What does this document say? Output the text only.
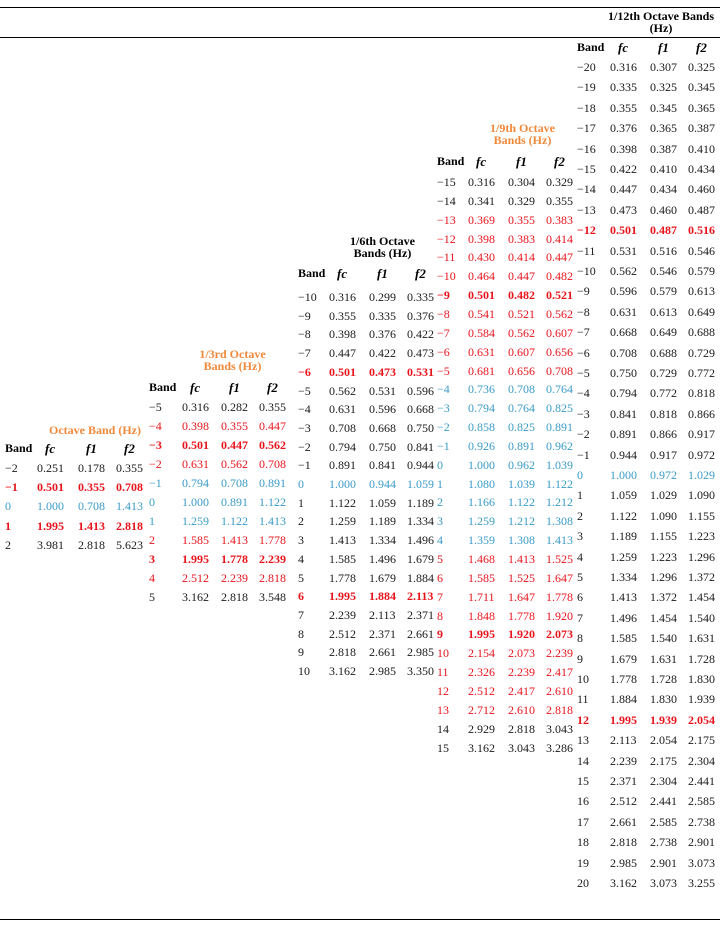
Octave Band (Hz)
Band fc f1 f2
−2 0.251 0.178 0.355
−1 0.501 0.355 0.708
0 1.000 0.708 1.413
1 1.995 1.413 2.818
2 3.981 2.818 5.623
1/3rd Octave
Bands (Hz)
Band fc f1 f2
−5 0.316 0.282 0.355
−4 0.398 0.355 0.447
−3 0.501 0.447 0.562
−2 0.631 0.562 0.708
−1 0.794 0.708 0.891
0 1.000 0.891 1.122
1 1.259 1.122 1.413
2 1.585 1.413 1.778
3 1.995 1.778 2.239
4 2.512 2.239 2.818
5 3.162 2.818 3.548
1/6th Octave
Bands (Hz)
Band fc f1 f2
−10 0.316 0.299 0.335
−9 0.355 0.335 0.376
−8 0.398 0.376 0.422
−7 0.447 0.422 0.473
−6 0.501 0.473 0.531
−5 0.562 0.531 0.596
−4 0.631 0.596 0.668
−3 0.708 0.668 0.750
−2 0.794 0.750 0.841
−1 0.891 0.841 0.944
0 1.000 0.944 1.059
1 1.122 1.059 1.189
2 1.259 1.189 1.334
3 1.413 1.334 1.496
4 1.585 1.496 1.679
5 1.778 1.679 1.884
6 1.995 1.884 2.113
7 2.239 2.113 2.371
8 2.512 2.371 2.661
9 2.818 2.661 2.985
10 3.162 2.985 3.350
1/9th Octave
Bands (Hz)
Band fc f1 f2
−15 0.316 0.304 0.329
−14 0.341 0.329 0.355
−13 0.369 0.355 0.383
−12 0.398 0.383 0.414
−11 0.430 0.414 0.447
−10 0.464 0.447 0.482
−9 0.501 0.482 0.521
−8 0.541 0.521 0.562
−7 0.584 0.562 0.607
−6 0.631 0.607 0.656
−5 0.681 0.656 0.708
−4 0.736 0.708 0.764
−3 0.794 0.764 0.825
−2 0.858 0.825 0.891
−1 0.926 0.891 0.962
0 1.000 0.962 1.039
1 1.080 1.039 1.122
2 1.166 1.122 1.212
3 1.259 1.212 1.308
4 1.359 1.308 1.413
5 1.468 1.413 1.525
6 1.585 1.525 1.647
7 1.711 1.647 1.778
8 1.848 1.778 1.920
9 1.995 1.920 2.073
10 2.154 2.073 2.239
11 2.326 2.239 2.417
12 2.512 2.417 2.610
13 2.712 2.610 2.818
14 2.929 2.818 3.043
15 3.162 3.043 3.286
1/12th Octave Bands
(Hz)
Band fc f1 f2
−20 0.316 0.307 0.325
−19 0.335 0.325 0.345
−18 0.355 0.345 0.365
−17 0.376 0.365 0.387
−16 0.398 0.387 0.410
−15 0.422 0.410 0.434
−14 0.447 0.434 0.460
−13 0.473 0.460 0.487
−12 0.501 0.487 0.516
−11 0.531 0.516 0.546
−10 0.562 0.546 0.579
−9 0.596 0.579 0.613
−8 0.631 0.613 0.649
−7 0.668 0.649 0.688
−6 0.708 0.688 0.729
−5 0.750 0.729 0.772
−4 0.794 0.772 0.818
−3 0.841 0.818 0.866
−2 0.891 0.866 0.917
−1 0.944 0.917 0.972
0 1.000 0.972 1.029
1 1.059 1.029 1.090
2 1.122 1.090 1.155
3 1.189 1.155 1.223
4 1.259 1.223 1.296
5 1.334 1.296 1.372
6 1.413 1.372 1.454
7 1.496 1.454 1.540
8 1.585 1.540 1.631
9 1.679 1.631 1.728
10 1.778 1.728 1.830
11 1.884 1.830 1.939
12 1.995 1.939 2.054
13 2.113 2.054 2.175
14 2.239 2.175 2.304
15 2.371 2.304 2.441
16 2.512 2.441 2.585
17 2.661 2.585 2.738
18 2.818 2.738 2.901
19 2.985 2.901 3.073
20 3.162 3.073 3.255
